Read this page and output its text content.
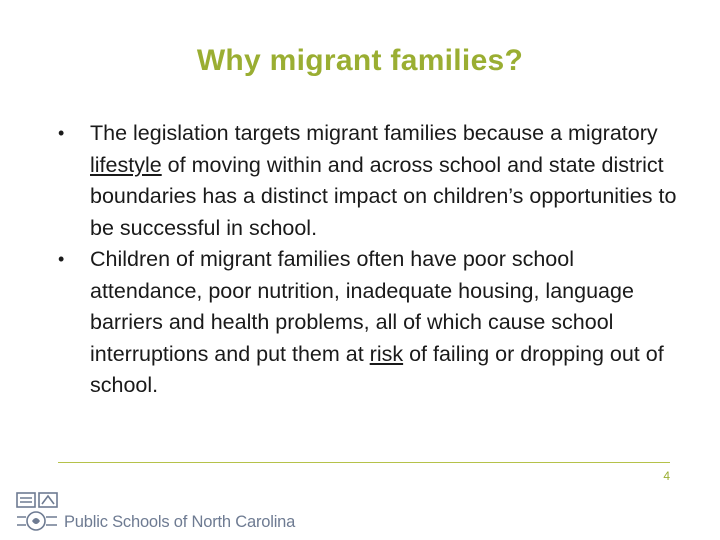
Why migrant families?
• The legislation targets migrant families because a migratory lifestyle of moving within and across school and state district boundaries has a distinct impact on children’s opportunities to be successful in school.
• Children of migrant families often have poor school attendance, poor nutrition, inadequate housing, language barriers and health problems, all of which cause school interruptions and put them at risk of failing or dropping out of school.
4
Public Schools of North Carolina
